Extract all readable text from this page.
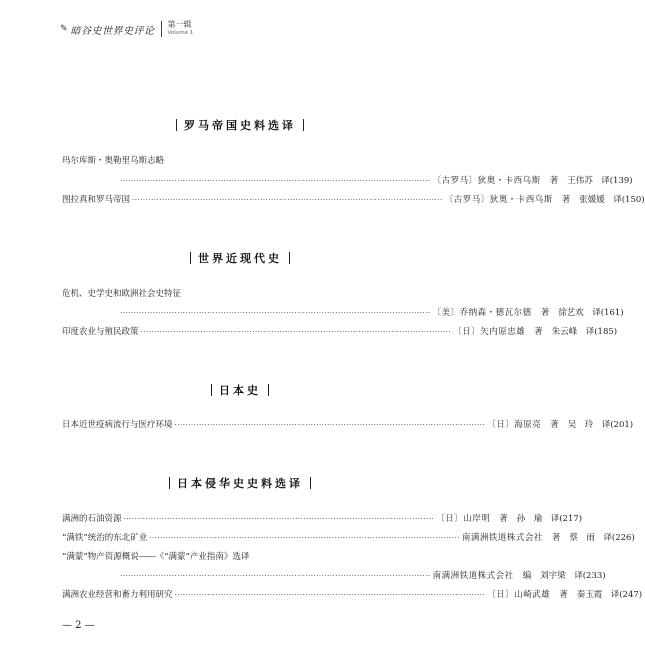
✎ 暗谷史世界史评论
第一辑
Volume 1
罗马帝国史料选译
玛尔库斯・奥勒里乌斯志略
·················································································································· 〔古罗马〕狄奥・卡西乌斯 著 王伟苏　译 (139)
图拉真和罗马帝国 ·················································································································· 〔古罗马〕狄奥・卡西乌斯 著 张媛媛　译 (150)
世界近现代史
危机、史学史和欧洲社会史特征
·················································································································· 〔美〕乔纳森・德瓦尔德 著 徐艺欢　译 (161)
印度农业与殖民政策 ·················································································································· 〔日〕矢内原忠雄 著 朱云峰　译 (185)
日本史
日本近世疫病流行与医疗环境 ·················································································································· 〔日〕海原亮 著 吴　玲　译 (201)
日本侵华史史料选译
满洲的石油资源 ·················································································································· 〔日〕山岸明 著 孙　瑜　译 (217)
“满铁”统治的东北矿业 ·················································································································· 南满洲铁道株式会社 著 蔡　雨　译 (226)
“满蒙”物产资源概说――《“满蒙”产业指南》选译
·················································································································· 南满洲铁道株式会社 编 刘宇梁　译 (233)
满洲农业经营和畜力利用研究 ·················································································································· 〔日〕山崎武雄 著 秦玉霞　译 (247)
— 2 —
